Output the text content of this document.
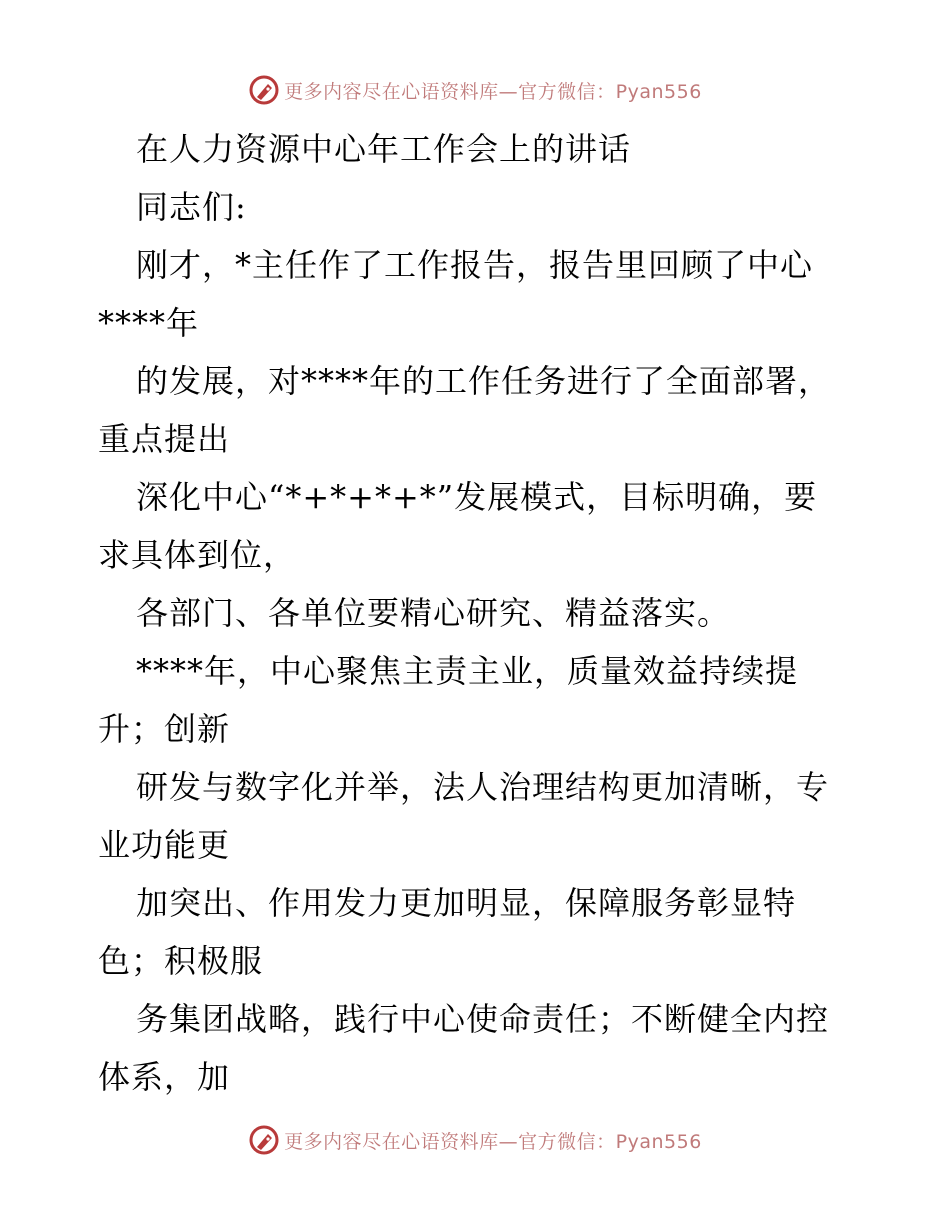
更多内容尽在心语资料库—官方微信：Pyan556
在人力资源中心年工作会上的讲话
同志们:
刚才，*主任作了工作报告，报告里回顾了中心
****年
的发展，对****年的工作任务进行了全面部署，
重点提出
深化中心“*+*+*+*”发展模式，目标明确，要
求具体到位，
各部门、各单位要精心研究、精益落实。
****年，中心聚焦主责主业，质量效益持续提
升；创新
研发与数字化并举，法人治理结构更加清晰，专
业功能更
加突出、作用发力更加明显，保障服务彰显特
色；积极服
务集团战略，践行中心使命责任；不断健全内控
体系，加
更多内容尽在心语资料库—官方微信：Pyan556
